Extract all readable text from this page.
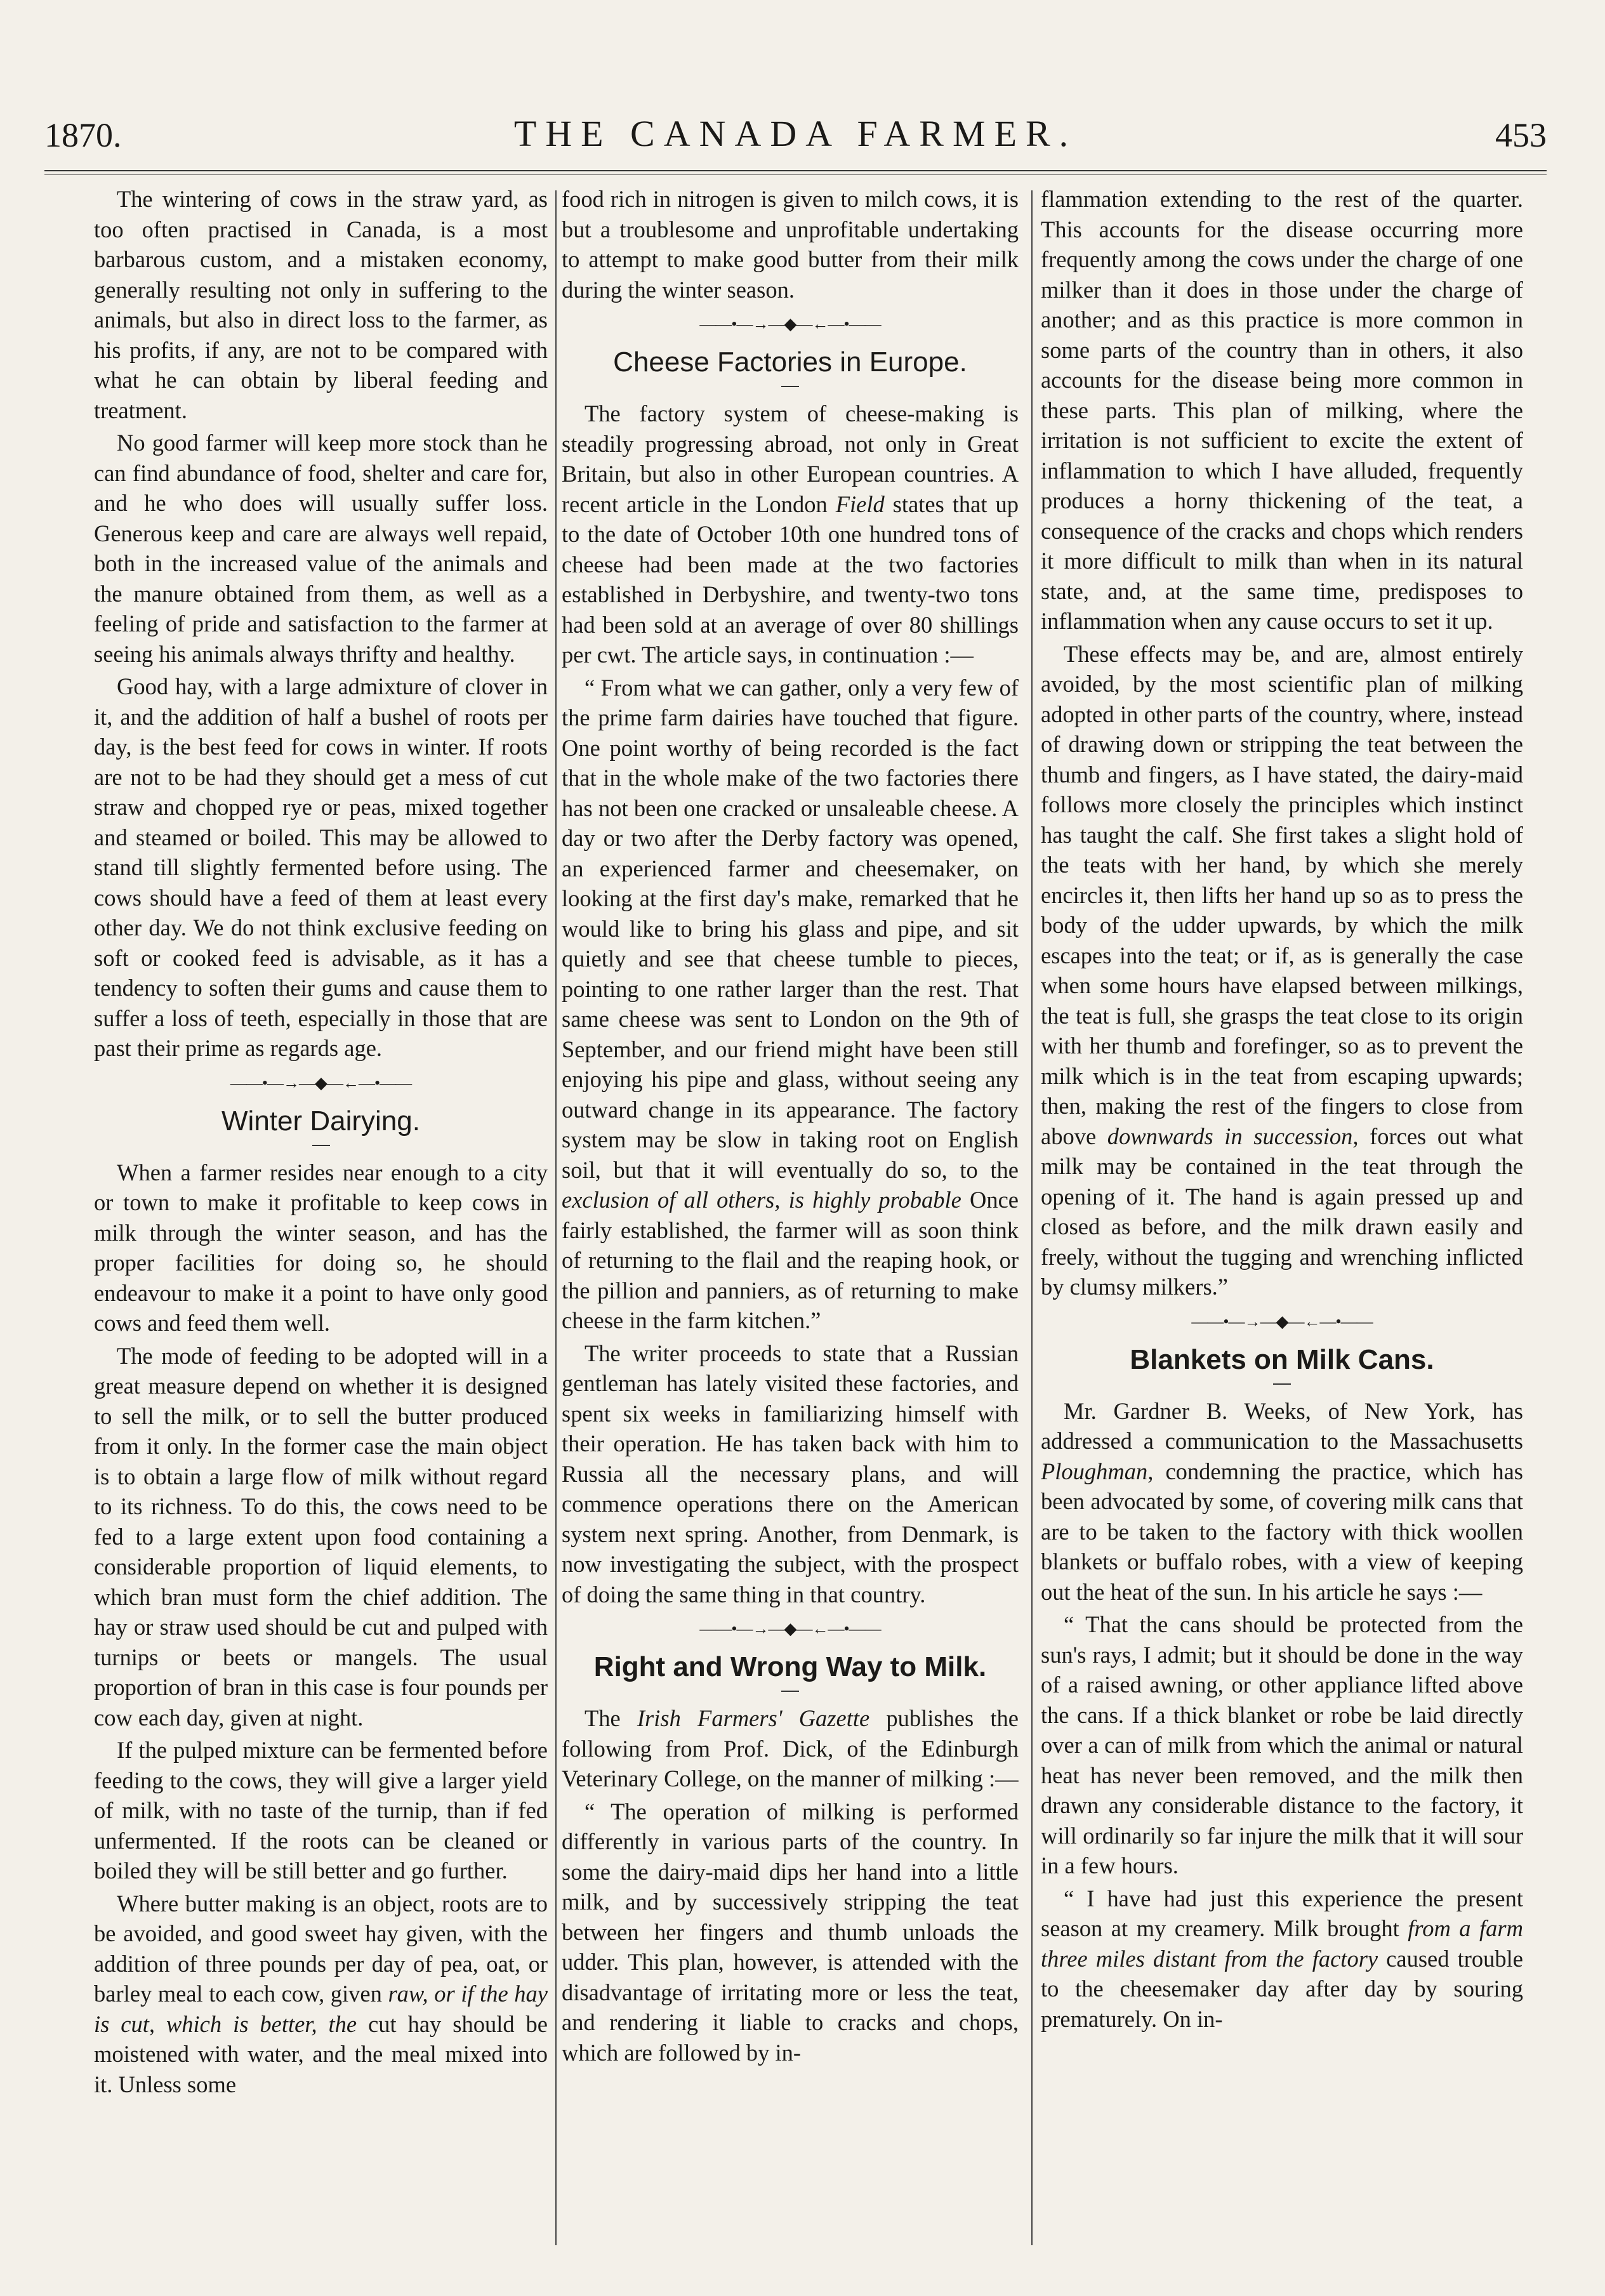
1870.	THE CANADA FARMER.	453

The wintering of cows in the straw yard, as too often practised in Canada, is a most barbarous custom, and a mistaken economy, generally resulting not only in suffering to the animals, but also in direct loss to the farmer, as his profits, if any, are not to be compared with what he can obtain by liberal feeding and treatment.

No good farmer will keep more stock than he can find abundance of food, shelter and care for, and he who does will usually suffer loss. Generous keep and care are always well repaid, both in the increased value of the animals and the manure obtained from them, as well as a feeling of pride and satisfaction to the farmer at seeing his animals always thrifty and healthy.

Good hay, with a large admixture of clover in it, and the addition of half a bushel of roots per day, is the best feed for cows in winter. If roots are not to be had they should get a mess of cut straw and chopped rye or peas, mixed together and steamed or boiled. This may be allowed to stand till slightly fermented before using. The cows should have a feed of them at least every other day. We do not think exclusive feeding on soft or cooked feed is advisable, as it has a tendency to soften their gums and cause them to suffer a loss of teeth, especially in those that are past their prime as regards age.

——•—→—◆—←—•——
Winter Dairying.

When a farmer resides near enough to a city or town to make it profitable to keep cows in milk through the winter season, and has the proper facilities for doing so, he should endeavour to make it a point to have only good cows and feed them well.

The mode of feeding to be adopted will in a great measure depend on whether it is designed to sell the milk, or to sell the butter produced from it only. In the former case the main object is to obtain a large flow of milk without regard to its richness. To do this, the cows need to be fed to a large extent upon food containing a considerable proportion of liquid elements, to which bran must form the chief addition. The hay or straw used should be cut and pulped with turnips or beets or mangels. The usual proportion of bran in this case is four pounds per cow each day, given at night.

If the pulped mixture can be fermented before feeding to the cows, they will give a larger yield of milk, with no taste of the turnip, than if fed unfermented. If the roots can be cleaned or boiled they will be still better and go further.

Where butter making is an object, roots are to be avoided, and good sweet hay given, with the addition of three pounds per day of pea, oat, or barley meal to each cow, given raw, or if the hay is cut, which is better, the cut hay should be moistened with water, and the meal mixed into it. Unless some

food rich in nitrogen is given to milch cows, it is but a troublesome and unprofitable undertaking to attempt to make good butter from their milk during the winter season.

——•—→—◆—←—•——
Cheese Factories in Europe.

The factory system of cheese-making is steadily progressing abroad, not only in Great Britain, but also in other European countries. A recent article in the London Field states that up to the date of October 10th one hundred tons of cheese had been made at the two factories established in Derbyshire, and twenty-two tons had been sold at an average of over 80 shillings per cwt. The article says, in continuation :—

“ From what we can gather, only a very few of the prime farm dairies have touched that figure. One point worthy of being recorded is the fact that in the whole make of the two factories there has not been one cracked or unsaleable cheese. A day or two after the Derby factory was opened, an experienced farmer and cheesemaker, on looking at the first day's make, remarked that he would like to bring his glass and pipe, and sit quietly and see that cheese tumble to pieces, pointing to one rather larger than the rest. That same cheese was sent to London on the 9th of September, and our friend might have been still enjoying his pipe and glass, without seeing any outward change in its appearance. The factory system may be slow in taking root on English soil, but that it will eventually do so, to the exclusion of all others, is highly probable Once fairly established, the farmer will as soon think of returning to the flail and the reaping hook, or the pillion and panniers, as of returning to make cheese in the farm kitchen.”

The writer proceeds to state that a Russian gentleman has lately visited these factories, and spent six weeks in familiarizing himself with their operation. He has taken back with him to Russia all the necessary plans, and will commence operations there on the American system next spring. Another, from Denmark, is now investigating the subject, with the prospect of doing the same thing in that country.

——•—→—◆—←—•——
Right and Wrong Way to Milk.

The Irish Farmers' Gazette publishes the following from Prof. Dick, of the Edinburgh Veterinary College, on the manner of milking :—

“ The operation of milking is performed differently in various parts of the country. In some the dairy-maid dips her hand into a little milk, and by successively stripping the teat between her fingers and thumb unloads the udder. This plan, however, is attended with the disadvantage of irritating more or less the teat, and rendering it liable to cracks and chops, which are followed by in-

flammation extending to the rest of the quarter. This accounts for the disease occurring more frequently among the cows under the charge of one milker than it does in those under the charge of another; and as this practice is more common in some parts of the country than in others, it also accounts for the disease being more common in these parts. This plan of milking, where the irritation is not sufficient to excite the extent of inflammation to which I have alluded, frequently produces a horny thickening of the teat, a consequence of the cracks and chops which renders it more difficult to milk than when in its natural state, and, at the same time, predisposes to inflammation when any cause occurs to set it up.

These effects may be, and are, almost entirely avoided, by the most scientific plan of milking adopted in other parts of the country, where, instead of drawing down or stripping the teat between the thumb and fingers, as I have stated, the dairy-maid follows more closely the principles which instinct has taught the calf. She first takes a slight hold of the teats with her hand, by which she merely encircles it, then lifts her hand up so as to press the body of the udder upwards, by which the milk escapes into the teat; or if, as is generally the case when some hours have elapsed between milkings, the teat is full, she grasps the teat close to its origin with her thumb and forefinger, so as to prevent the milk which is in the teat from escaping upwards; then, making the rest of the fingers to close from above downwards in succession, forces out what milk may be contained in the teat through the opening of it. The hand is again pressed up and closed as before, and the milk drawn easily and freely, without the tugging and wrenching inflicted by clumsy milkers.”

——•—→—◆—←—•——
Blankets on Milk Cans.

Mr. Gardner B. Weeks, of New York, has addressed a communication to the Massachusetts Ploughman, condemning the practice, which has been advocated by some, of covering milk cans that are to be taken to the factory with thick woollen blankets or buffalo robes, with a view of keeping out the heat of the sun. In his article he says :—

“ That the cans should be protected from the sun's rays, I admit; but it should be done in the way of a raised awning, or other appliance lifted above the cans. If a thick blanket or robe be laid directly over a can of milk from which the animal or natural heat has never been removed, and the milk then drawn any considerable distance to the factory, it will ordinarily so far injure the milk that it will sour in a few hours.

“ I have had just this experience the present season at my creamery. Milk brought from a farm three miles distant from the factory caused trouble to the cheesemaker day after day by souring prematurely. On in-
